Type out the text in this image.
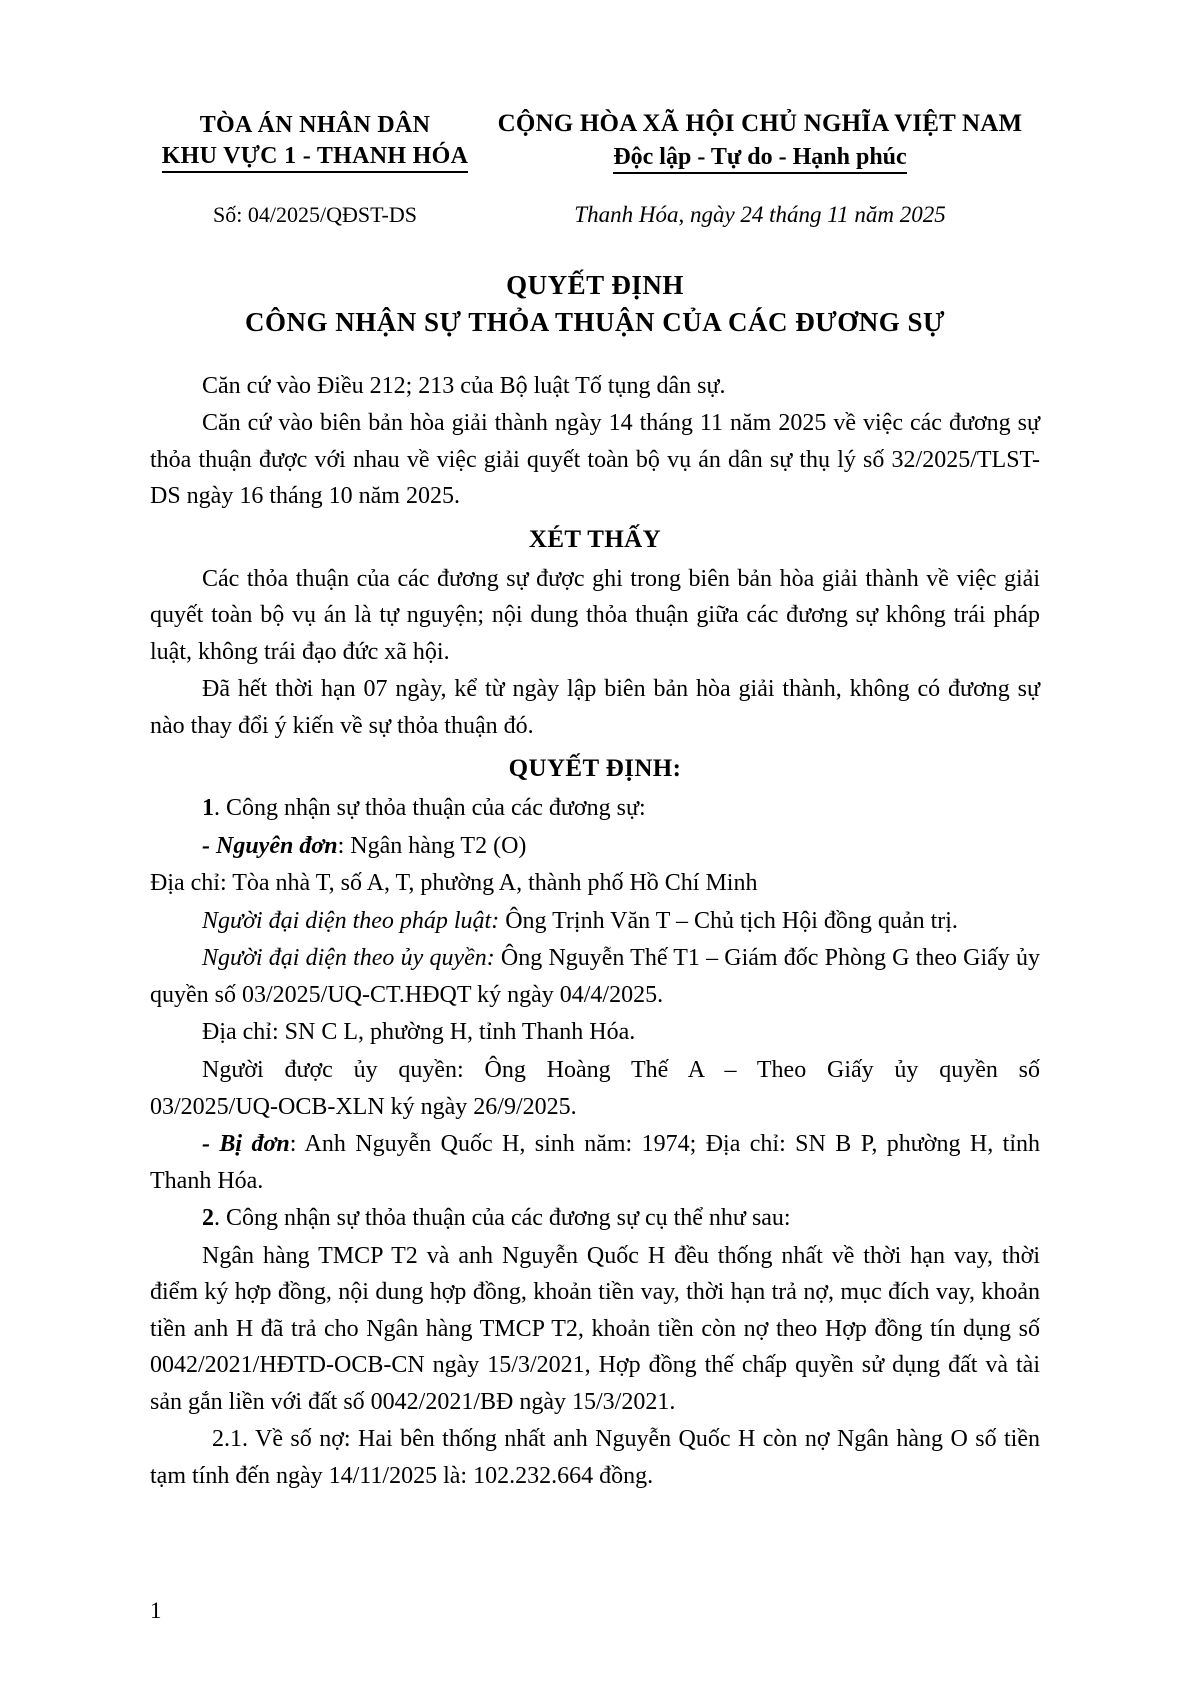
TÒA ÁN NHÂN DÂN
KHU VỰC 1 - THANH HÓA
CỘNG HÒA XÃ HỘI CHỦ NGHĨA VIỆT NAM
Độc lập - Tự do - Hạnh phúc
Số: 04/2025/QĐST-DS	Thanh Hóa, ngày 24 tháng 11 năm 2025
QUYẾT ĐỊNH
CÔNG NHẬN SỰ THỎA THUẬN CỦA CÁC ĐƯƠNG SỰ

Căn cứ vào Điều 212; 213 của Bộ luật Tố tụng dân sự.

Căn cứ vào biên bản hòa giải thành ngày 14 tháng 11 năm 2025 về việc các đương sự thỏa thuận được với nhau về việc giải quyết toàn bộ vụ án dân sự thụ lý số 32/2025/TLST-DS ngày 16 tháng 10 năm 2025.

XÉT THẤY

Các thỏa thuận của các đương sự được ghi trong biên bản hòa giải thành về việc giải quyết toàn bộ vụ án là tự nguyện; nội dung thỏa thuận giữa các đương sự không trái pháp luật, không trái đạo đức xã hội.

Đã hết thời hạn 07 ngày, kể từ ngày lập biên bản hòa giải thành, không có đương sự nào thay đổi ý kiến về sự thỏa thuận đó.

QUYẾT ĐỊNH:

1. Công nhận sự thỏa thuận của các đương sự:

- Nguyên đơn: Ngân hàng T2 (O)

Địa chỉ: Tòa nhà T, số A, T, phường A, thành phố Hồ Chí Minh

Người đại diện theo pháp luật: Ông Trịnh Văn T – Chủ tịch Hội đồng quản trị.

Người đại diện theo ủy quyền: Ông Nguyễn Thế T1 – Giám đốc Phòng G theo Giấy ủy quyền số 03/2025/UQ-CT.HĐQT ký ngày 04/4/2025.

Địa chỉ: SN C L, phường H, tỉnh Thanh Hóa.

Người được ủy quyền: Ông Hoàng Thế A – Theo Giấy ủy quyền số

03/2025/UQ-OCB-XLN ký ngày 26/9/2025.

- Bị đơn: Anh Nguyễn Quốc H, sinh năm: 1974; Địa chỉ: SN B P, phường H, tỉnh Thanh Hóa.

2. Công nhận sự thỏa thuận của các đương sự cụ thể như sau:

Ngân hàng TMCP T2 và anh Nguyễn Quốc H đều thống nhất về thời hạn vay, thời điểm ký hợp đồng, nội dung hợp đồng, khoản tiền vay, thời hạn trả nợ, mục đích vay, khoản tiền anh H đã trả cho Ngân hàng TMCP T2, khoản tiền còn nợ theo Hợp đồng tín dụng số 0042/2021/HĐTD-OCB-CN ngày 15/3/2021, Hợp đồng thế chấp quyền sử dụng đất và tài sản gắn liền với đất số 0042/2021/BĐ ngày 15/3/2021.

2.1. Về số nợ: Hai bên thống nhất anh Nguyễn Quốc H còn nợ Ngân hàng O số tiền tạm tính đến ngày 14/11/2025 là: 102.232.664 đồng.

1
